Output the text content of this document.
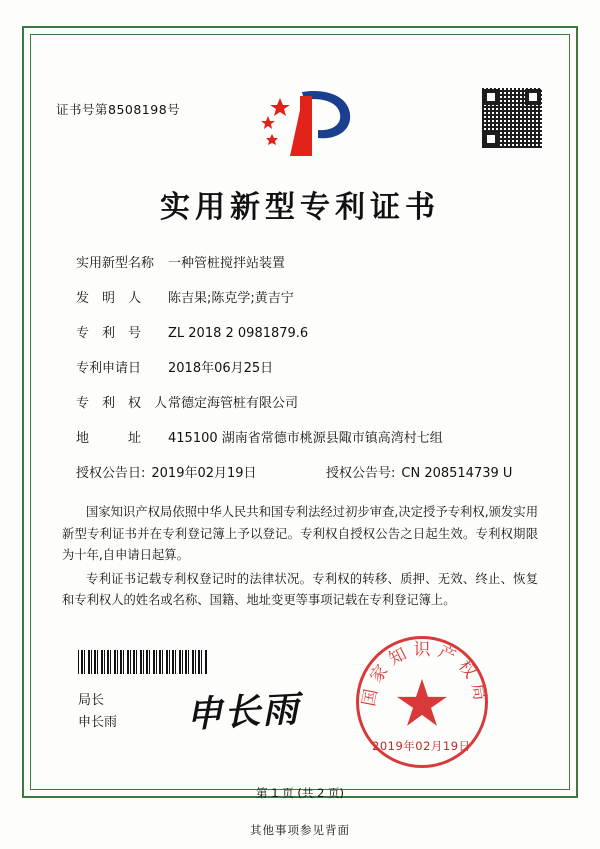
证书号第8508198号
实用新型专利证书
实用新型名称	一种管桩搅拌站装置
发　明　人	陈吉果;陈克学;黄吉宁
专　利　号	ZL 2018 2 0981879.6
专利申请日	2018年06月25日
专　利　权　人 常德定海管桩有限公司
地　　　址	415100 湖南省常德市桃源县陬市镇高湾村七组
授权公告日: 2019年02月19日	授权公告号: CN 208514739 U

国家知识产权局依照中华人民共和国专利法经过初步审查,决定授予专利权,颁发实用新型专利证书并在专利登记簿上予以登记。专利权自授权公告之日起生效。专利权期限为十年,自申请日起算。

专利证书记载专利权登记时的法律状况。专利权的转移、质押、无效、终止、恢复和专利权人的姓名或名称、国籍、地址变更等事项记载在专利登记簿上。

局长
申长雨 申长雨	国家知识产权局
2019年02月19日
第 1 页 (共 2 页)
其他事项参见背面
